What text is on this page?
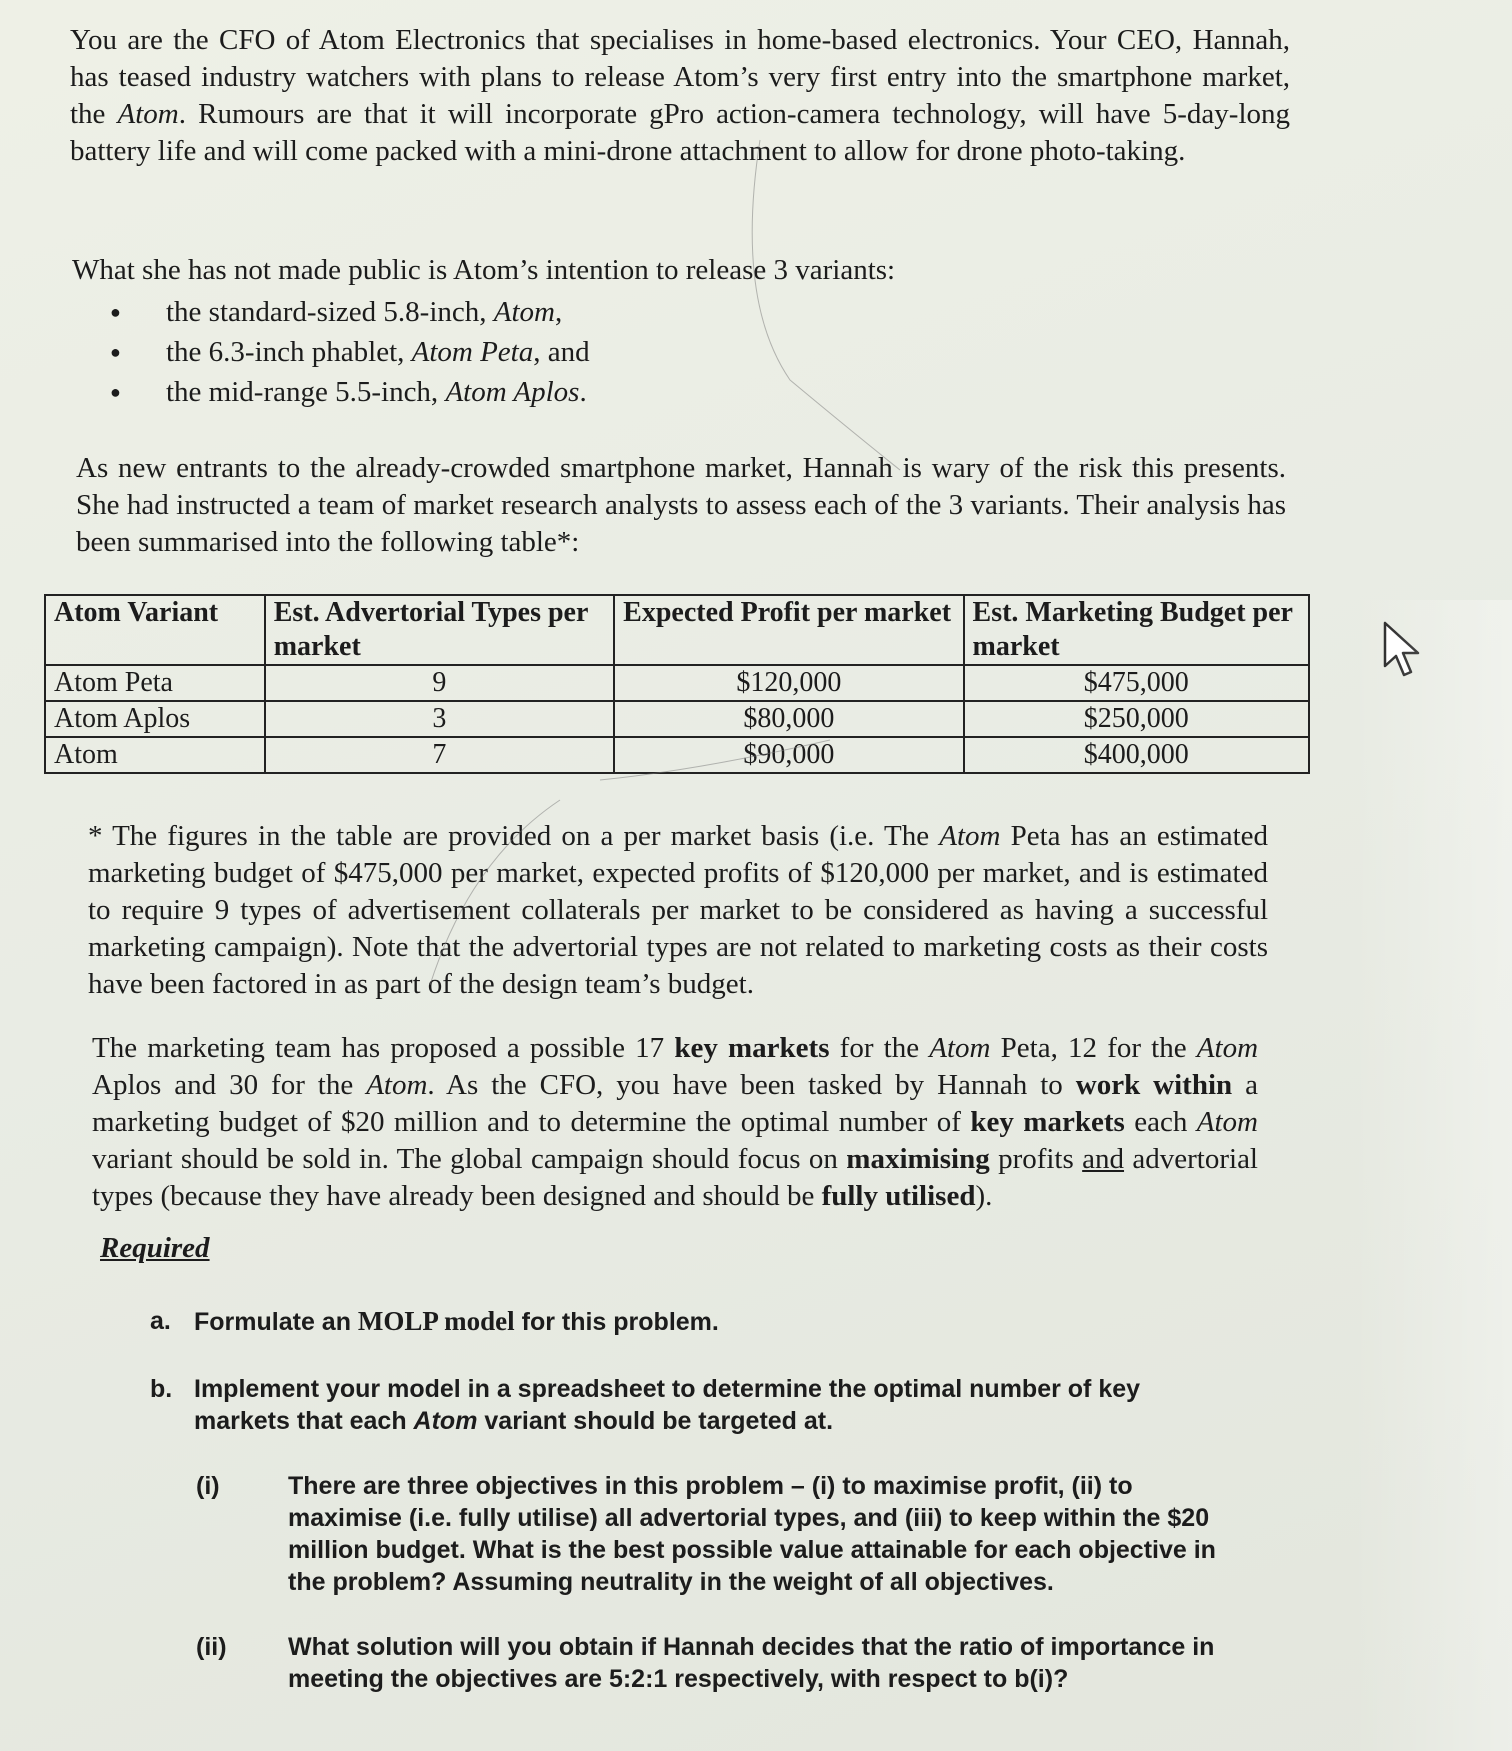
You are the CFO of Atom Electronics that specialises in home-based electronics. Your CEO, Hannah, has teased industry watchers with plans to release Atom’s very first entry into the smartphone market, the Atom. Rumours are that it will incorporate gPro action-camera technology, will have 5-day-long battery life and will come packed with a mini-drone attachment to allow for drone photo-taking.

What she has not made public is Atom’s intention to release 3 variants:

● the standard-sized 5.8-inch, Atom,
● the 6.3-inch phablet, Atom Peta, and
● the mid-range 5.5-inch, Atom Aplos.

As new entrants to the already-crowded smartphone market, Hannah is wary of the risk this presents. She had instructed a team of market research analysts to assess each of the 3 variants. Their analysis has been summarised into the following table*:

Atom Variant	Est. Advertorial Types per market	Expected Profit per market	Est. Marketing Budget per market
Atom Peta	9	$120,000	$475,000
Atom Aplos	3	$80,000	$250,000
Atom	7	$90,000	$400,000

* The figures in the table are provided on a per market basis (i.e. The Atom Peta has an estimated marketing budget of $475,000 per market, expected profits of $120,000 per market, and is estimated to require 9 types of advertisement collaterals per market to be considered as having a successful marketing campaign). Note that the advertorial types are not related to marketing costs as their costs have been factored in as part of the design team’s budget.

The marketing team has proposed a possible 17 key markets for the Atom Peta, 12 for the Atom Aplos and 30 for the Atom. As the CFO, you have been tasked by Hannah to work within a marketing budget of $20 million and to determine the optimal number of key markets each Atom variant should be sold in. The global campaign should focus on maximising profits and advertorial types (because they have already been designed and should be fully utilised).

Required
a. Formulate an MOLP model for this problem.
b. Implement your model in a spreadsheet to determine the optimal number of key markets that each Atom variant should be targeted at.
(i)	There are three objectives in this problem – (i) to maximise profit, (ii) to maximise (i.e. fully utilise) all advertorial types, and (iii) to keep within the $20 million budget. What is the best possible value attainable for each objective in the problem? Assuming neutrality in the weight of all objectives.
(ii) What solution will you obtain if Hannah decides that the ratio of importance in meeting the objectives are 5:2:1 respectively, with respect to b(i)?
